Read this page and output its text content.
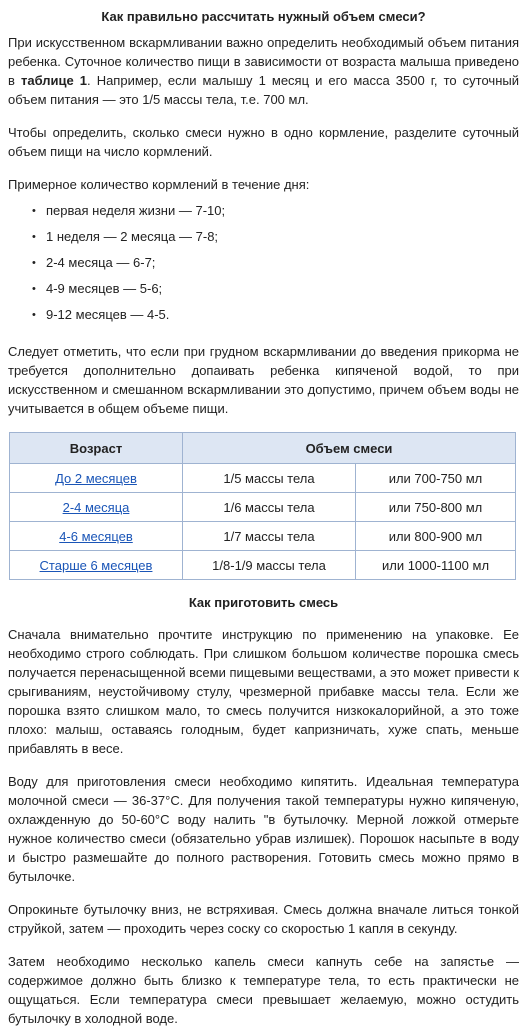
Как правильно рассчитать нужный объем смеси?

При искусственном вскармливании важно определить необходимый объем питания ребенка. Суточное количество пищи в зависимости от возраста малыша приведено в таблице 1. Например, если малышу 1 месяц и его масса 3500 г, то суточный объем питания — это 1/5 массы тела, т.е. 700 мл.

Чтобы определить, сколько смеси нужно в одно кормление, разделите суточный объем пищи на число кормлений.

Примерное количество кормлений в течение дня:

• первая неделя жизни — 7-10;
• 1 неделя — 2 месяца — 7-8;
• 2-4 месяца — 6-7;
• 4-9 месяцев — 5-6;
• 9-12 месяцев — 4-5.

Следует отметить, что если при грудном вскармливании до введения прикорма не требуется дополнительно допаивать ребенка кипяченой водой, то при искусственном и смешанном вскармливании это допустимо, причем объем воды не учитывается в общем объеме пищи.

Возраст	Объем смеси	
До 2 месяцев	1/5 массы тела	или 700-750 мл
2-4 месяца	1/6 массы тела	или 750-800 мл
4-6 месяцев	1/7 массы тела	или 800-900 мл
Старше 6 месяцев	1/8-1/9 массы тела	или 1000-1100 мл
Как приготовить смесь

Сначала внимательно прочтите инструкцию по применению на упаковке. Ее необходимо строго соблюдать. При слишком большом количестве порошка смесь получается перенасыщенной всеми пищевыми веществами, а это может привести к срыгиваниям, неустойчивому стулу, чрезмерной прибавке массы тела. Если же порошка взято слишком мало, то смесь получится низкокалорийной, а это тоже плохо: малыш, оставаясь голодным, будет капризничать, хуже спать, меньше прибавлять в весе.

Воду для приготовления смеси необходимо кипятить. Идеальная температура молочной смеси — 36-37°C. Для получения такой температуры нужно кипяченую, охлажденную до 50-60°C воду налить "в бутылочку. Мерной ложкой отмерьте нужное количество смеси (обязательно убрав излишек). Порошок насыпьте в воду и быстро размешайте до полного растворения. Готовить смесь можно прямо в бутылочке.

Опрокиньте бутылочку вниз, не встряхивая. Смесь должна вначале литься тонкой струйкой, затем — проходить через соску со скоростью 1 капля в секунду.

Затем необходимо несколько капель смеси капнуть себе на запястье — содержимое должно быть близко к температуре тела, то есть практически не ощущаться. Если температура смеси превышает желаемую, можно остудить бутылочку в холодной воде.
